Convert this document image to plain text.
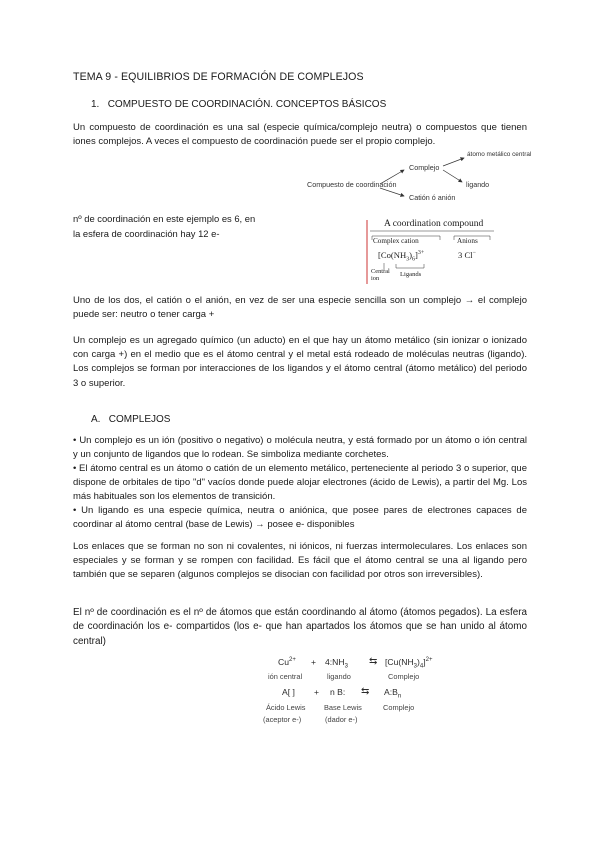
TEMA 9 - EQUILIBRIOS DE FORMACIÓN DE COMPLEJOS
1. COMPUESTO DE COORDINACIÓN. CONCEPTOS BÁSICOS
Un compuesto de coordinación es una sal (especie química/complejo neutra) o compuestos que tienen iones complejos. A veces el compuesto de coordinación puede ser el propio complejo.
Compuesto de coordinación
Complejo
Catión ó anión
átomo metálico central
ligando
nº de coordinación en este ejemplo es 6, en
la esfera de coordinación hay 12 e-
A coordination compound
Complex cation	Anions
$[Co(NH_3)_6]^{3+}$	3 Cl−
Central
ion
Ligands
Uno de los dos, el catión o el anión, en vez de ser una especie sencilla son un complejo → el complejo puede ser: neutro o tener carga +
Un complejo es un agregado químico (un aducto) en el que hay un átomo metálico (sin ionizar o ionizado con carga +) en el medio que es el átomo central y el metal está rodeado de moléculas neutras (ligando). Los complejos se forman por interacciones de los ligandos y el átomo central (átomo metálico) del periodo 3 o superior.
A. COMPLEJOS
• Un complejo es un ión (positivo o negativo) o molécula neutra, y está formado por un átomo o ión central y un conjunto de ligandos que lo rodean. Se simboliza mediante corchetes.
• El átomo central es un átomo o catión de un elemento metálico, perteneciente al periodo 3 o superior, que dispone de orbitales de tipo "d" vacíos donde puede alojar electrones (ácido de Lewis), a partir del Mg. Los más habituales son los elementos de transición.
• Un ligando es una especie química, neutra o aniónica, que posee pares de electrones capaces de coordinar al átomo central (base de Lewis) → posee e- disponibles
Los enlaces que se forman no son ni covalentes, ni iónicos, ni fuerzas intermoleculares. Los enlaces son especiales y se forman y se rompen con facilidad. Es fácil que el átomo central se una al ligando pero también que se separen (algunos complejos se disocian con facilidad por otros son irreversibles).
El nº de coordinación es el nº de átomos que están coordinando al átomo (átomos pegados). La esfera de coordinación los e- compartidos (los e- que han apartados los átomos que se han unido al átomo central)
$Cu^{2+}$ + $4:NH_3$ ⇆ $[Cu(NH_3)_4]^{2+}$
ión central	ligando	Complejo
A[ ] + n B: ⇆ $A:B_n$
Ácido Lewis	Base Lewis	Complejo
(aceptor e-)	(dador e-)
